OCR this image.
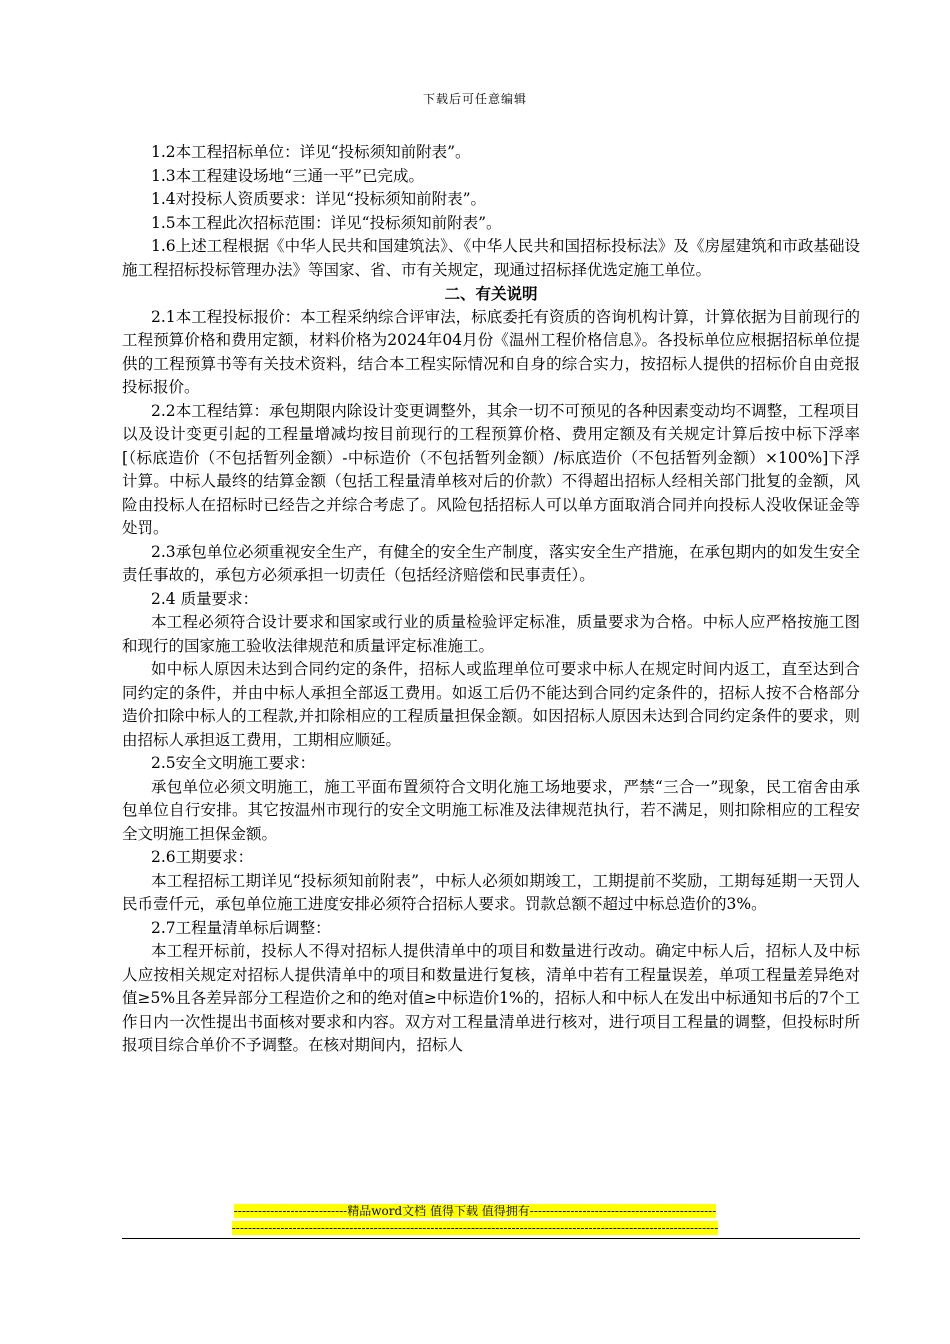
下载后可任意编辑

1.2本工程招标单位：详见“投标须知前附表”。

1.3本工程建设场地“三通一平”已完成。

1.4对投标人资质要求：详见“投标须知前附表”。

1.5本工程此次招标范围：详见“投标须知前附表”。

1.6上述工程根据《中华人民共和国建筑法》、《中华人民共和国招标投标法》及《房屋建筑和市政基础设施工程招标投标管理办法》等国家、省、市有关规定，现通过招标择优选定施工单位。

二、有关说明

2.1本工程投标报价：本工程采纳综合评审法，标底委托有资质的咨询机构计算，计算依据为目前现行的工程预算价格和费用定额，材料价格为2024年04月份《温州工程价格信息》。各投标单位应根据招标单位提供的工程预算书等有关技术资料，结合本工程实际情况和自身的综合实力，按招标人提供的招标价自由竞报投标报价。

2.2本工程结算：承包期限内除设计变更调整外，其余一切不可预见的各种因素变动均不调整，工程项目以及设计变更引起的工程量增减均按目前现行的工程预算价格、费用定额及有关规定计算后按中标下浮率[（标底造价（不包括暂列金额）-中标造价（不包括暂列金额）/标底造价（不包括暂列金额）×100%]下浮计算。中标人最终的结算金额（包括工程量清单核对后的价款）不得超出招标人经相关部门批复的金额，风险由投标人在招标时已经告之并综合考虑了。风险包括招标人可以单方面取消合同并向投标人没收保证金等处罚。

2.3承包单位必须重视安全生产，有健全的安全生产制度，落实安全生产措施，在承包期内的如发生安全责任事故的，承包方必须承担一切责任（包括经济赔偿和民事责任）。

2.4 质量要求：

本工程必须符合设计要求和国家或行业的质量检验评定标准，质量要求为合格。中标人应严格按施工图和现行的国家施工验收法律规范和质量评定标准施工。

如中标人原因未达到合同约定的条件，招标人或监理单位可要求中标人在规定时间内返工，直至达到合同约定的条件，并由中标人承担全部返工费用。如返工后仍不能达到合同约定条件的，招标人按不合格部分造价扣除中标人的工程款,并扣除相应的工程质量担保金额。如因招标人原因未达到合同约定条件的要求，则由招标人承担返工费用，工期相应顺延。

2.5安全文明施工要求：

承包单位必须文明施工，施工平面布置须符合文明化施工场地要求，严禁“三合一”现象，民工宿舍由承包单位自行安排。其它按温州市现行的安全文明施工标准及法律规范执行，若不满足，则扣除相应的工程安全文明施工担保金额。

2.6工期要求：

本工程招标工期详见“投标须知前附表”，中标人必须如期竣工，工期提前不奖励，工期每延期一天罚人民币壹仟元，承包单位施工进度安排必须符合招标人要求。罚款总额不超过中标总造价的3%。

2.7工程量清单标后调整：

本工程开标前，投标人不得对招标人提供清单中的项目和数量进行改动。确定中标人后，招标人及中标人应按相关规定对招标人提供清单中的项目和数量进行复核，清单中若有工程量误差，单项工程量差异绝对值≥5%且各差异部分工程造价之和的绝对值≥中标造价1%的，招标人和中标人在发出中标通知书后的7个工作日内一次性提出书面核对要求和内容。双方对工程量清单进行核对，进行项目工程量的调整，但投标时所报项目综合单价不予调整。在核对期间内，招标人

----------------------------精品word文档 值得下载 值得拥有----------------------------------------------
------------------------------------------------------------------------------------------------------------------------
